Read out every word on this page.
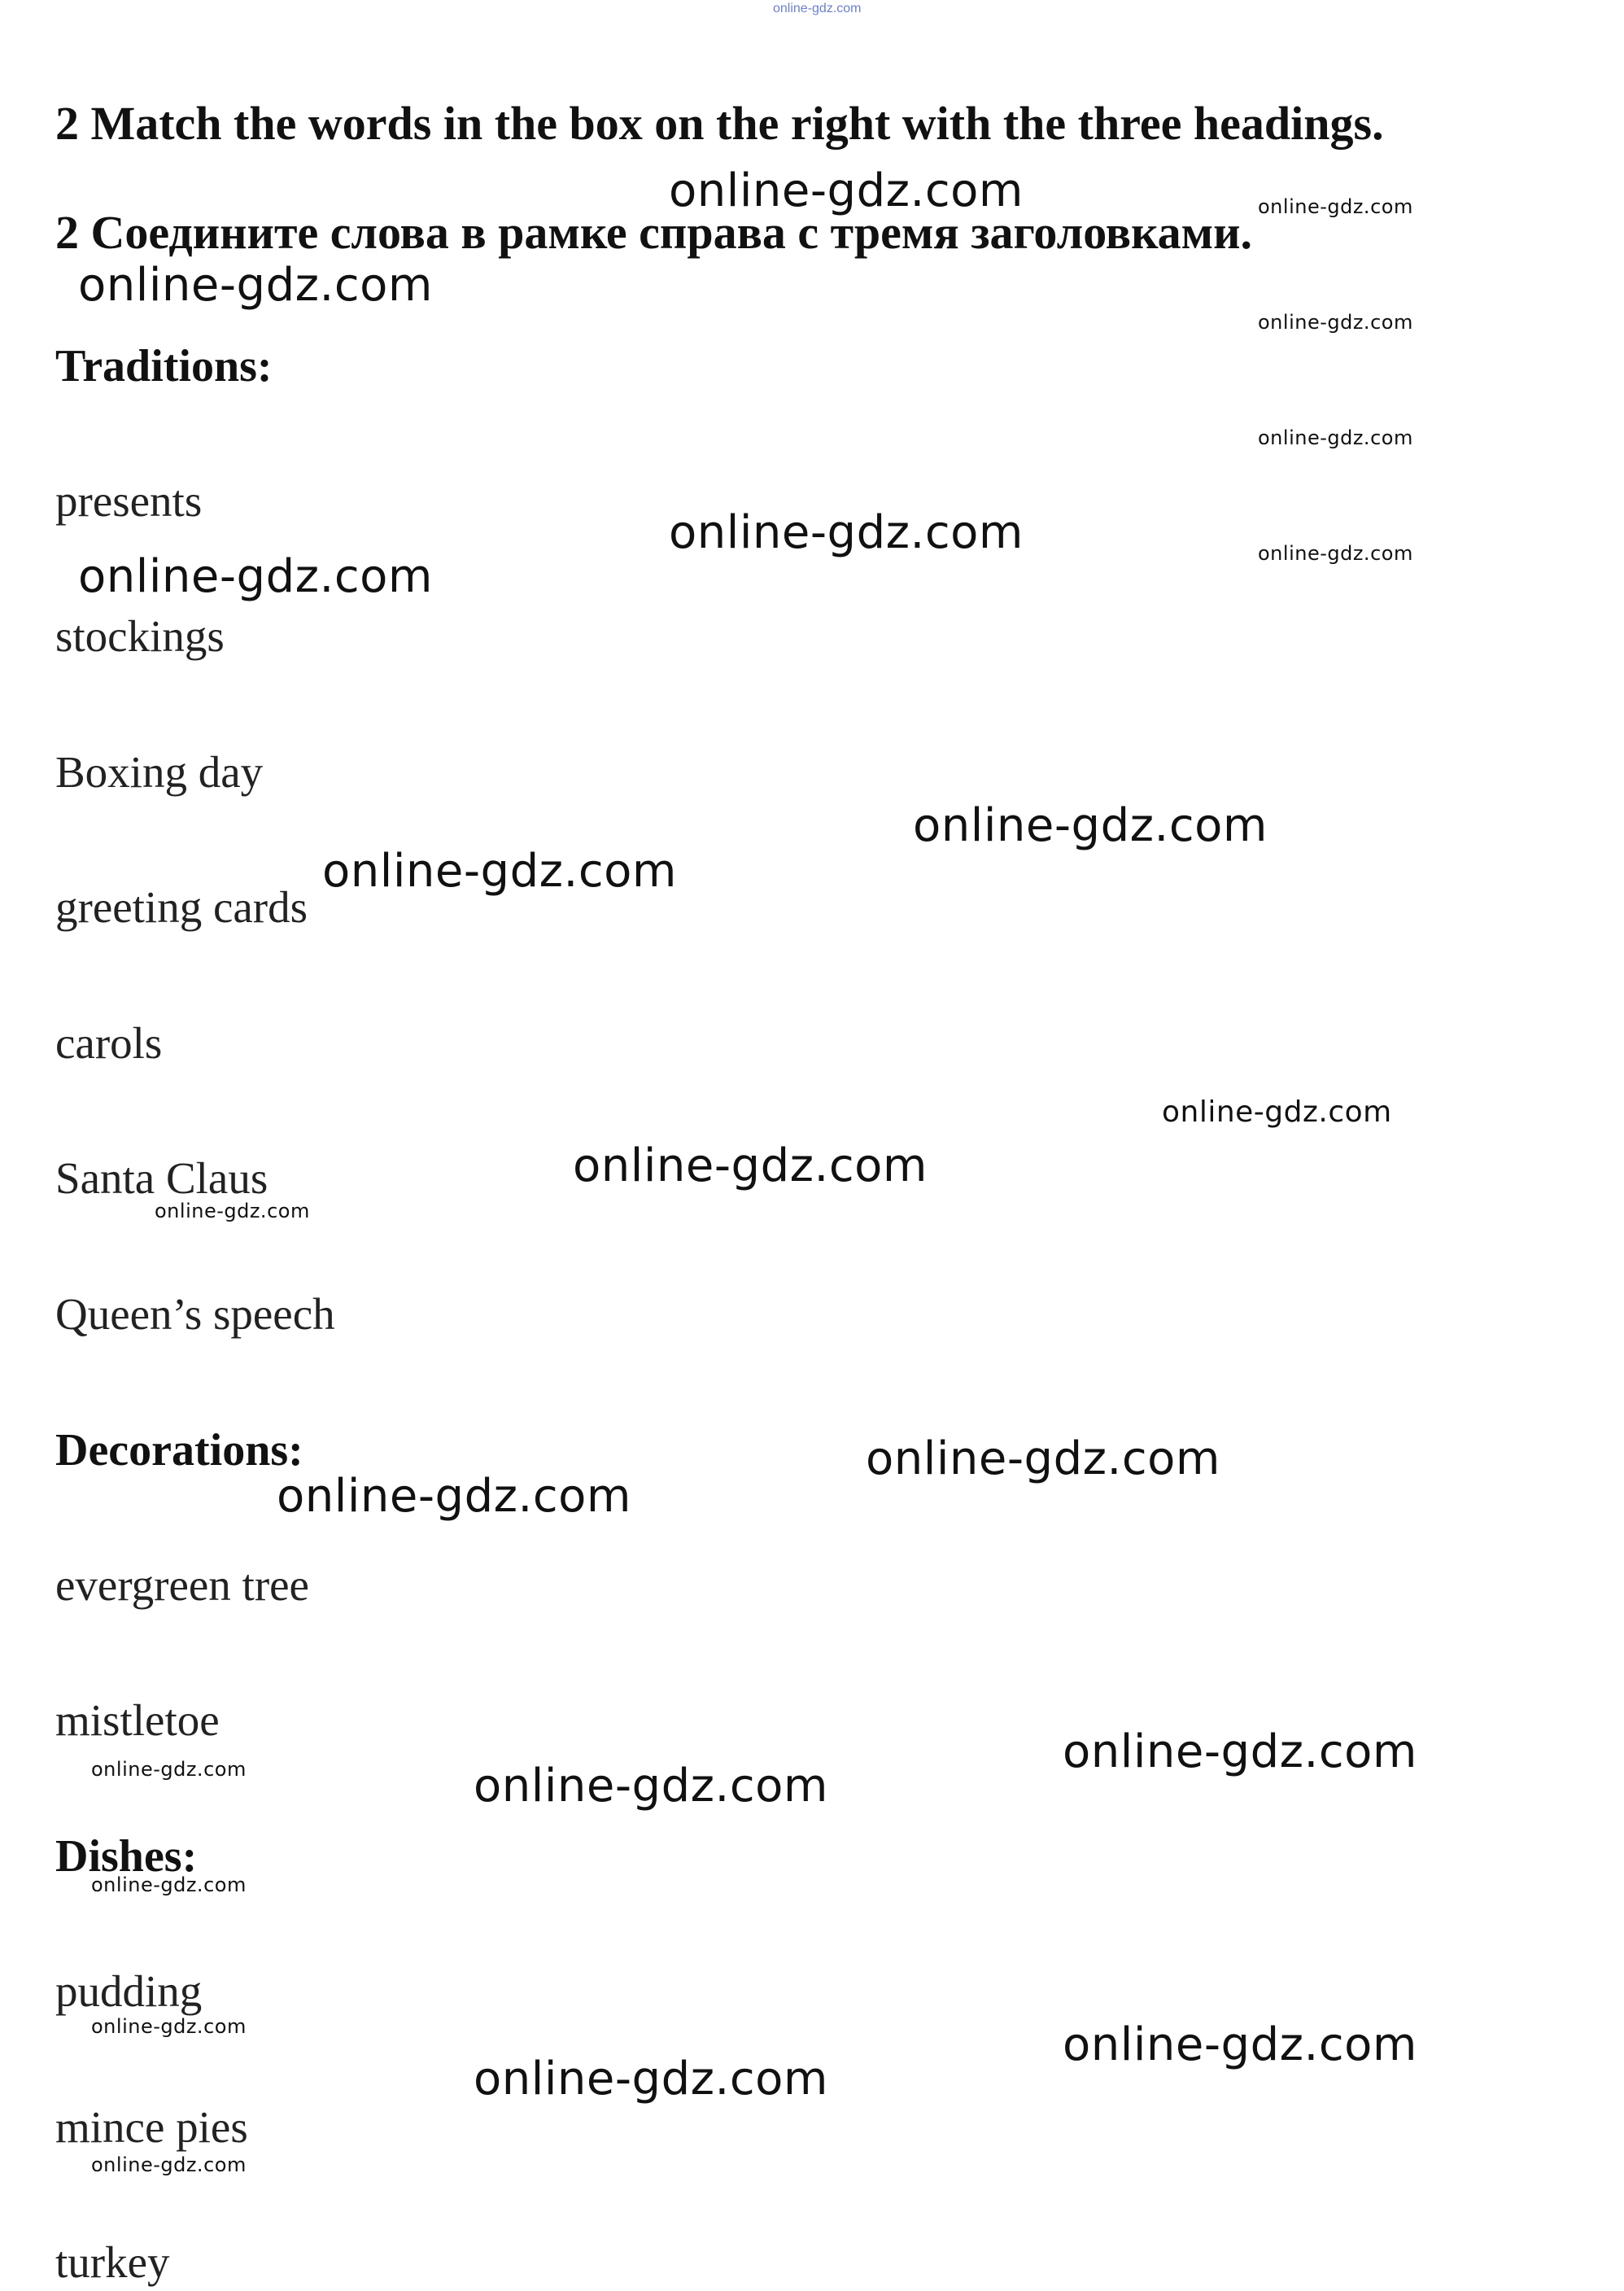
online-gdz.com
2 Match the words in the box on the right with the three headings.
2 Соедините слова в рамке справа с тремя заголовками.
Traditions:
presents
stockings
Boxing day
greeting cards
carols
Santa Claus
Queen’s speech
Decorations:
evergreen tree
mistletoe
Dishes:
pudding
mince pies
turkey
online-gdz.com	online-gdz.com
online-gdz.com
online-gdz.com
online-gdz.com
online-gdz.com	online-gdz.com
online-gdz.com
online-gdz.com
online-gdz.com
online-gdz.com
online-gdz.com
online-gdz.com
online-gdz.com
online-gdz.com
online-gdz.com
online-gdz.com	online-gdz.com
online-gdz.com
online-gdz.com	online-gdz.com
online-gdz.com
online-gdz.com
